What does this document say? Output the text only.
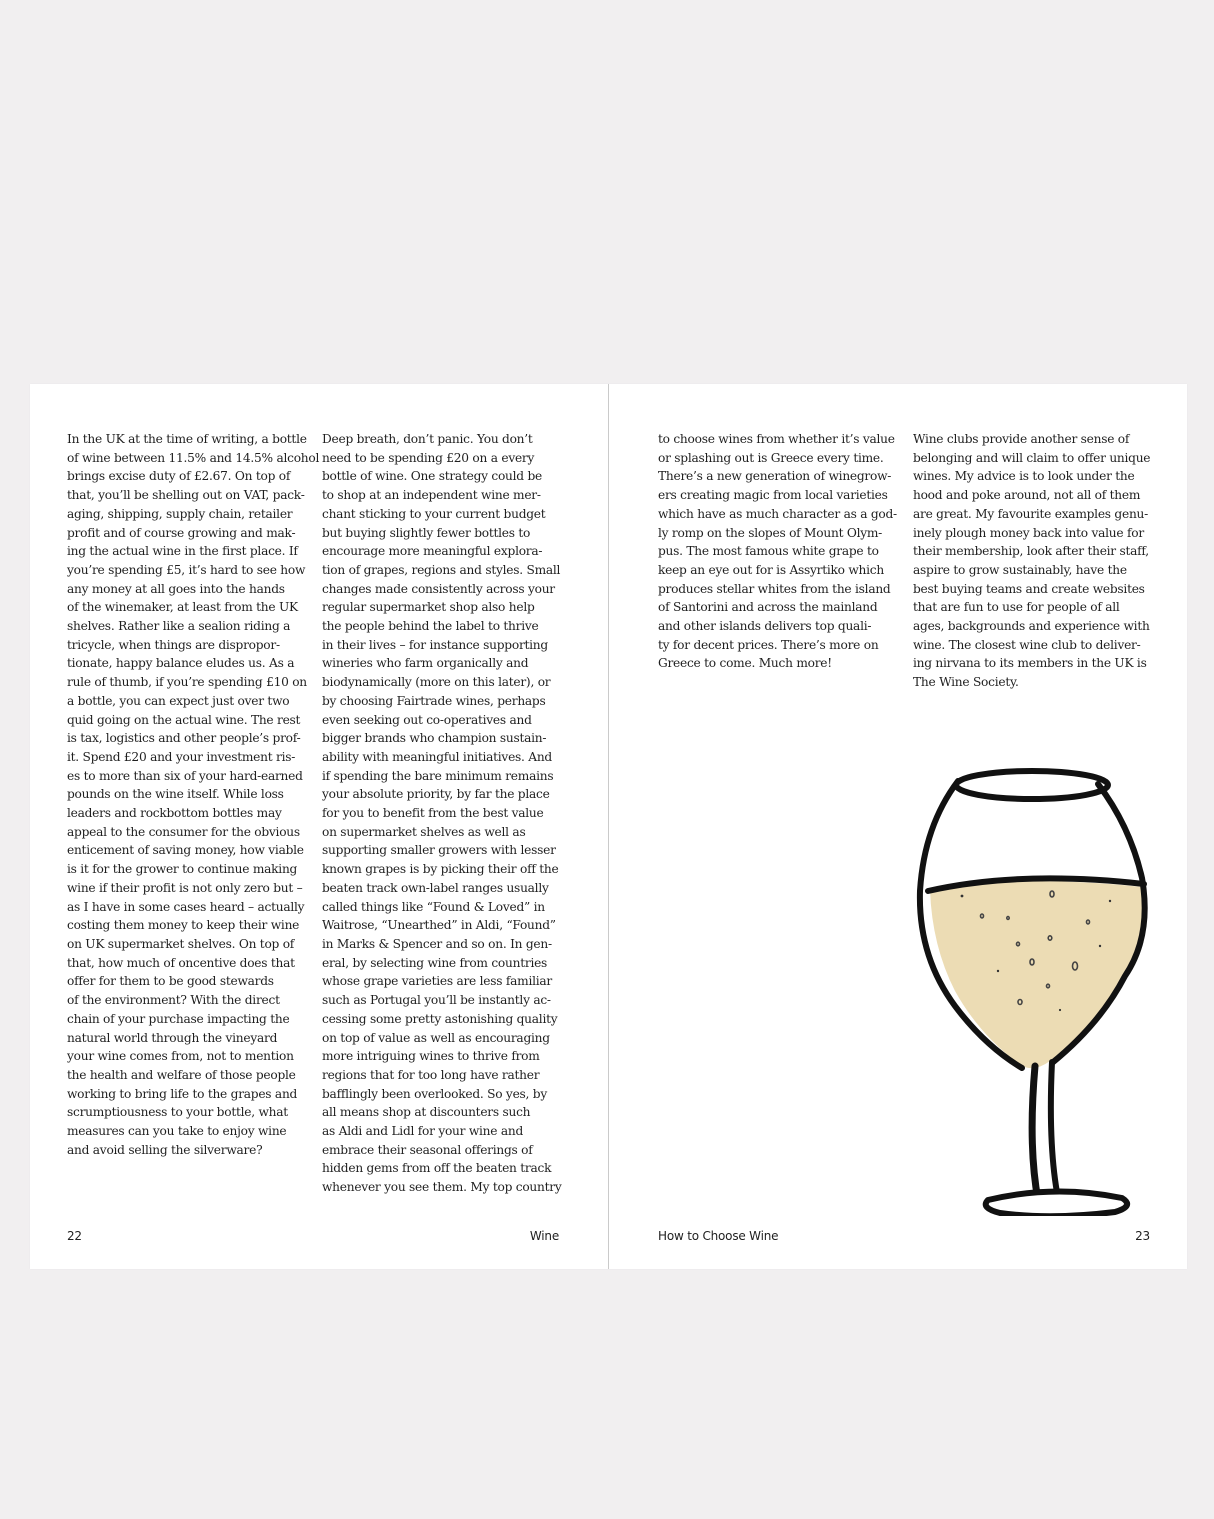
In the UK at the time of writing, a bottle
of wine between 11.5% and 14.5% alcohol
brings excise duty of £2.67. On top of
that, you’ll be shelling out on VAT, pack-
aging, shipping, supply chain, retailer
profit and of course growing and mak-
ing the actual wine in the first place. If
you’re spending £5, it’s hard to see how
any money at all goes into the hands
of the winemaker, at least from the UK
shelves. Rather like a sealion riding a
tricycle, when things are dispropor-
tionate, happy balance eludes us. As a
rule of thumb, if you’re spending £10 on
a bottle, you can expect just over two
quid going on the actual wine. The rest
is tax, logistics and other people’s prof-
it. Spend £20 and your investment ris-
es to more than six of your hard-earned
pounds on the wine itself. While loss
leaders and rockbottom bottles may
appeal to the consumer for the obvious
enticement of saving money, how viable
is it for the grower to continue making
wine if their profit is not only zero but –
as I have in some cases heard – actually
costing them money to keep their wine
on UK supermarket shelves. On top of
that, how much of oncentive does that
offer for them to be good stewards
of the environment? With the direct
chain of your purchase impacting the
natural world through the vineyard
your wine comes from, not to mention
the health and welfare of those people
working to bring life to the grapes and
scrumptiousness to your bottle, what
measures can you take to enjoy wine
and avoid selling the silverware?
Deep breath, don’t panic. You don’t
need to be spending £20 on a every
bottle of wine. One strategy could be
to shop at an independent wine mer-
chant sticking to your current budget
but buying slightly fewer bottles to
encourage more meaningful explora-
tion of grapes, regions and styles. Small
changes made consistently across your
regular supermarket shop also help
the people behind the label to thrive
in their lives – for instance supporting
wineries who farm organically and
biodynamically (more on this later), or
by choosing Fairtrade wines, perhaps
even seeking out co-operatives and
bigger brands who champion sustain-
ability with meaningful initiatives. And
if spending the bare minimum remains
your absolute priority, by far the place
for you to benefit from the best value
on supermarket shelves as well as
supporting smaller growers with lesser
known grapes is by picking their off the
beaten track own-label ranges usually
called things like “Found & Loved” in
Waitrose, “Unearthed” in Aldi, “Found”
in Marks & Spencer and so on. In gen-
eral, by selecting wine from countries
whose grape varieties are less familiar
such as Portugal you’ll be instantly ac-
cessing some pretty astonishing quality
on top of value as well as encouraging
more intriguing wines to thrive from
regions that for too long have rather
bafflingly been overlooked. So yes, by
all means shop at discounters such
as Aldi and Lidl for your wine and
embrace their seasonal offerings of
hidden gems from off the beaten track
whenever you see them. My top country
to choose wines from whether it’s value
or splashing out is Greece every time.
There’s a new generation of winegrow-
ers creating magic from local varieties
which have as much character as a god-
ly romp on the slopes of Mount Olym-
pus. The most famous white grape to
keep an eye out for is Assyrtiko which
produces stellar whites from the island
of Santorini and across the mainland
and other islands delivers top quali-
ty for decent prices. There’s more on
Greece to come. Much more!
Wine clubs provide another sense of
belonging and will claim to offer unique
wines. My advice is to look under the
hood and poke around, not all of them
are great. My favourite examples genu-
inely plough money back into value for
their membership, look after their staff,
aspire to grow sustainably, have the
best buying teams and create websites
that are fun to use for people of all
ages, backgrounds and experience with
wine. The closest wine club to deliver-
ing nirvana to its members in the UK is
The Wine Society.
22	Wine	How to Choose Wine	23
